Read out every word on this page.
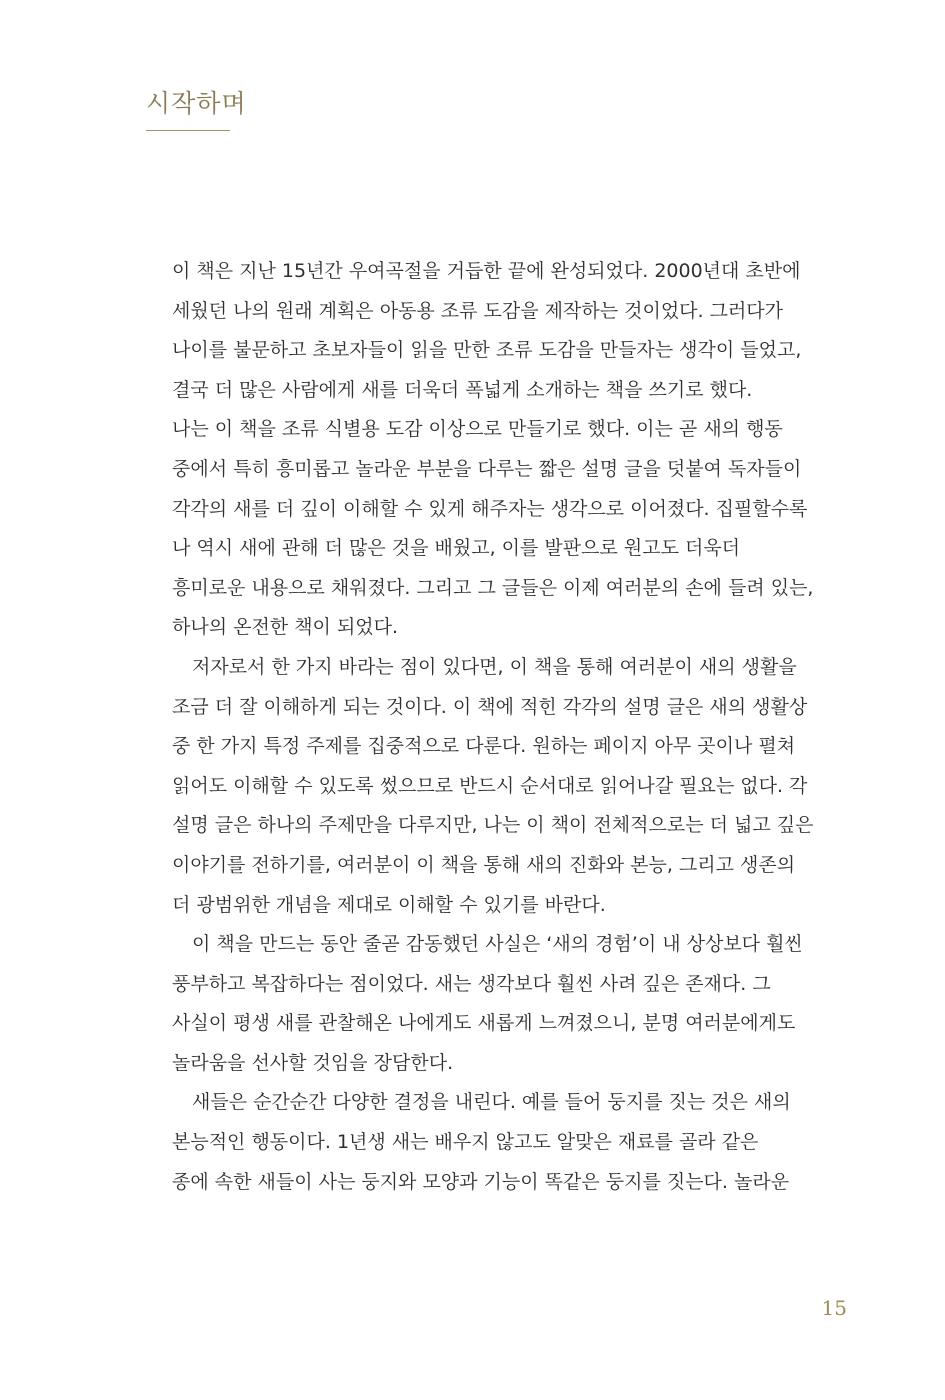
시작하며
이 책은 지난 15년간 우여곡절을 거듭한 끝에 완성되었다. 2000년대 초반에
세웠던 나의 원래 계획은 아동용 조류 도감을 제작하는 것이었다. 그러다가
나이를 불문하고 초보자들이 읽을 만한 조류 도감을 만들자는 생각이 들었고,
결국 더 많은 사람에게 새를 더욱더 폭넓게 소개하는 책을 쓰기로 했다.
나는 이 책을 조류 식별용 도감 이상으로 만들기로 했다. 이는 곧 새의 행동
중에서 특히 흥미롭고 놀라운 부분을 다루는 짧은 설명 글을 덧붙여 독자들이
각각의 새를 더 깊이 이해할 수 있게 해주자는 생각으로 이어졌다. 집필할수록
나 역시 새에 관해 더 많은 것을 배웠고, 이를 발판으로 원고도 더욱더
흥미로운 내용으로 채워졌다. 그리고 그 글들은 이제 여러분의 손에 들려 있는,
하나의 온전한 책이 되었다.
저자로서 한 가지 바라는 점이 있다면, 이 책을 통해 여러분이 새의 생활을
조금 더 잘 이해하게 되는 것이다. 이 책에 적힌 각각의 설명 글은 새의 생활상
중 한 가지 특정 주제를 집중적으로 다룬다. 원하는 페이지 아무 곳이나 펼쳐
읽어도 이해할 수 있도록 썼으므로 반드시 순서대로 읽어나갈 필요는 없다. 각
설명 글은 하나의 주제만을 다루지만, 나는 이 책이 전체적으로는 더 넓고 깊은
이야기를 전하기를, 여러분이 이 책을 통해 새의 진화와 본능, 그리고 생존의
더 광범위한 개념을 제대로 이해할 수 있기를 바란다.
이 책을 만드는 동안 줄곧 감동했던 사실은 ‘새의 경험’이 내 상상보다 훨씬
풍부하고 복잡하다는 점이었다. 새는 생각보다 훨씬 사려 깊은 존재다. 그
사실이 평생 새를 관찰해온 나에게도 새롭게 느껴졌으니, 분명 여러분에게도
놀라움을 선사할 것임을 장담한다.
새들은 순간순간 다양한 결정을 내린다. 예를 들어 둥지를 짓는 것은 새의
본능적인 행동이다. 1년생 새는 배우지 않고도 알맞은 재료를 골라 같은
종에 속한 새들이 사는 둥지와 모양과 기능이 똑같은 둥지를 짓는다. 놀라운
15
